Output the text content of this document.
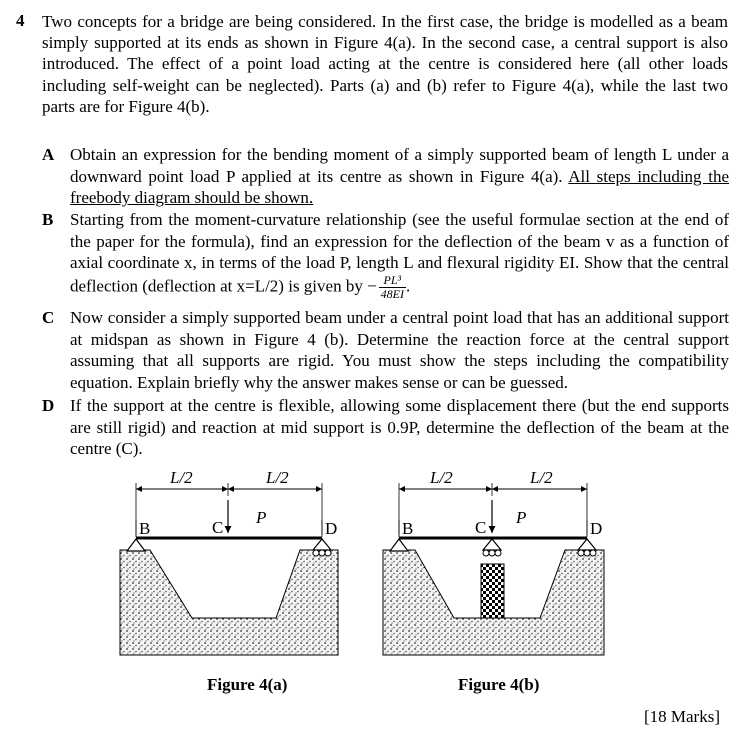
4 Two concepts for a bridge are being considered. In the first case, the bridge is modelled as a beam simply supported at its ends as shown in Figure 4(a). In the second case, a central support is also introduced. The effect of a point load acting at the centre is considered here (all other loads including self-weight can be neglected). Parts (a) and (b) refer to Figure 4(a), while the last two parts are for Figure 4(b).
A Obtain an expression for the bending moment of a simply supported beam of length L under a downward point load P applied at its centre as shown in Figure 4(a). All steps including the freebody diagram should be shown.
B Starting from the moment-curvature relationship (see the useful formulae section at the end of the paper for the formula), find an expression for the deflection of the beam v as a function of axial coordinate x, in terms of the load P, length L and flexural rigidity EI. Show that the central deflection (deflection at x=L/2) is given by − $\frac{\text{PL³}}{48EI}$ .
C Now consider a simply supported beam under a central point load that has an additional support at midspan as shown in Figure 4 (b). Determine the reaction force at the central support assuming that all supports are rigid. You must show the steps including the compatibility equation. Explain briefly why the answer makes sense or can be guessed.
D If the support at the centre is flexible, allowing some displacement there (but the end supports are still rigid) and reaction at mid support is 0.9P, determine the deflection of the beam at the centre (C).
L/2	L/2
B	D
C
P
Figure 4(a)
L/2	L/2
B	D
C
P
Figure 4(b)
[18 Marks]
